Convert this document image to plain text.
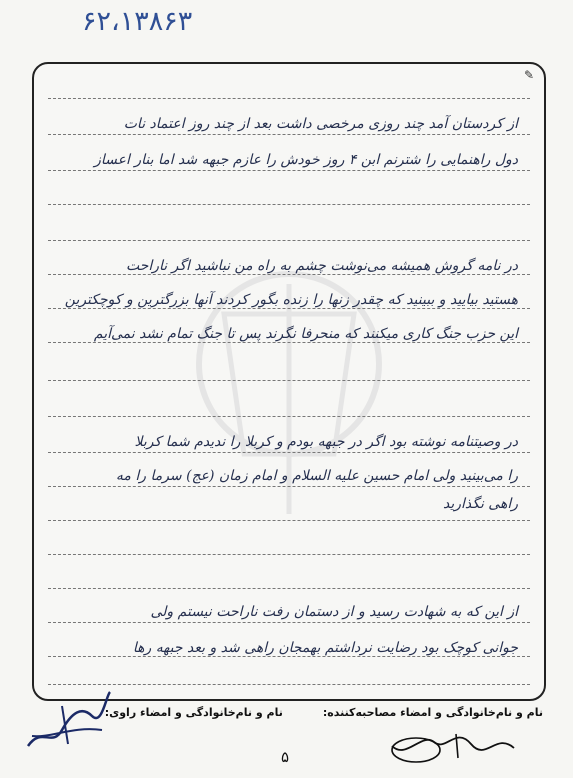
۶۲،۱۳۸۶۳
✎
از کردستان آمد چند روزی مرخصی داشت بعد از چند روز اعتماد نات
دول راهنمایی را شترنم ابن ۴ روز خودش را عازم جبهه شد اما بنار اعساز
در نامه گروش همیشه می‌نوشت چشم به راه من نباشید اگر ناراحت
هستید بیایید و ببینید که چقدر زنها را زنده بگور کردند آنها بزرگترین و کوچکترین
این حزب جنگ کاری میکنند که منحرفا نگرند پس تا جنگ تمام نشد نمی‌آیم
در وصیتنامه نوشته بود اگر در جبهه بودم و کربلا را ندیدم شما کربلا
را می‌بینید ولی امام حسین علیه السلام و امام زمان (عج) سرما را مه
راهی نگذارید
از این که به شهادت رسید و از دستمان رفت ناراحت نیستم ولی
جوانی کوچک بود رضایت نرداشتم بهمجان راهی شد و بعد جبهه رها
نام و نام‌خانوادگی و امضاء مصاحبه‌کننده:
نام و نام‌خانوادگی و امضاء راوی:
۵
